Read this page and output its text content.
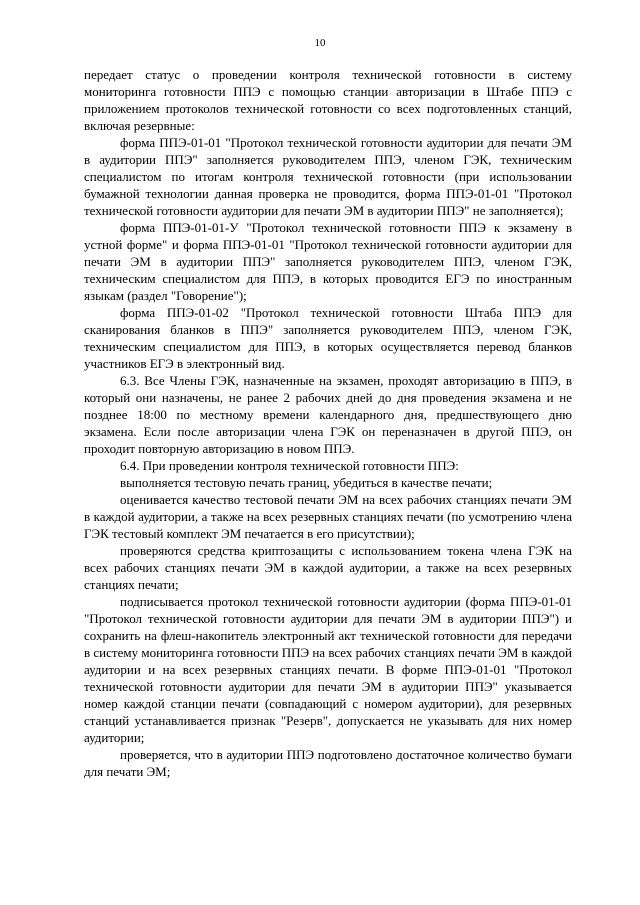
10

передает статус о проведении контроля технической готовности в систему мониторинга готовности ППЭ с помощью станции авторизации в Штабе ППЭ с приложением протоколов технической готовности со всех подготовленных станций, включая резервные:

форма ППЭ-01-01 "Протокол технической готовности аудитории для печати ЭМ в аудитории ППЭ" заполняется руководителем ППЭ, членом ГЭК, техническим специалистом по итогам контроля технической готовности (при использовании бумажной технологии данная проверка не проводится, форма ППЭ-01-01 "Протокол технической готовности аудитории для печати ЭМ в аудитории ППЭ" не заполняется);

форма ППЭ-01-01-У "Протокол технической готовности ППЭ к экзамену в устной форме" и форма ППЭ-01-01 "Протокол технической готовности аудитории для печати ЭМ в аудитории ППЭ" заполняется руководителем ППЭ, членом ГЭК, техническим специалистом для ППЭ, в которых проводится ЕГЭ по иностранным языкам (раздел "Говорение");

форма ППЭ-01-02 "Протокол технической готовности Штаба ППЭ для сканирования бланков в ППЭ" заполняется руководителем ППЭ, членом ГЭК, техническим специалистом для ППЭ, в которых осуществляется перевод бланков участников ЕГЭ в электронный вид.

6.3. Все Члены ГЭК, назначенные на экзамен, проходят авторизацию в ППЭ, в который они назначены, не ранее 2 рабочих дней до дня проведения экзамена и не позднее 18:00 по местному времени календарного дня, предшествующего дню экзамена. Если после авторизации члена ГЭК он переназначен в другой ППЭ, он проходит повторную авторизацию в новом ППЭ.

6.4. При проведении контроля технической готовности ППЭ:

выполняется тестовую печать границ, убедиться в качестве печати;

оценивается качество тестовой печати ЭМ на всех рабочих станциях печати ЭМ в каждой аудитории, а также на всех резервных станциях печати (по усмотрению члена ГЭК тестовый комплект ЭМ печатается в его присутствии);

проверяются средства криптозащиты с использованием токена члена ГЭК на всех рабочих станциях печати ЭМ в каждой аудитории, а также на всех резервных станциях печати;

подписывается протокол технической готовности аудитории (форма ППЭ-01-01 "Протокол технической готовности аудитории для печати ЭМ в аудитории ППЭ") и сохранить на флеш-накопитель электронный акт технической готовности для передачи в систему мониторинга готовности ППЭ на всех рабочих станциях печати ЭМ в каждой аудитории и на всех резервных станциях печати. В форме ППЭ-01-01 "Протокол технической готовности аудитории для печати ЭМ в аудитории ППЭ" указывается номер каждой станции печати (совпадающий с номером аудитории), для резервных станций устанавливается признак "Резерв", допускается не указывать для них номер аудитории;

проверяется, что в аудитории ППЭ подготовлено достаточное количество бумаги для печати ЭМ;
